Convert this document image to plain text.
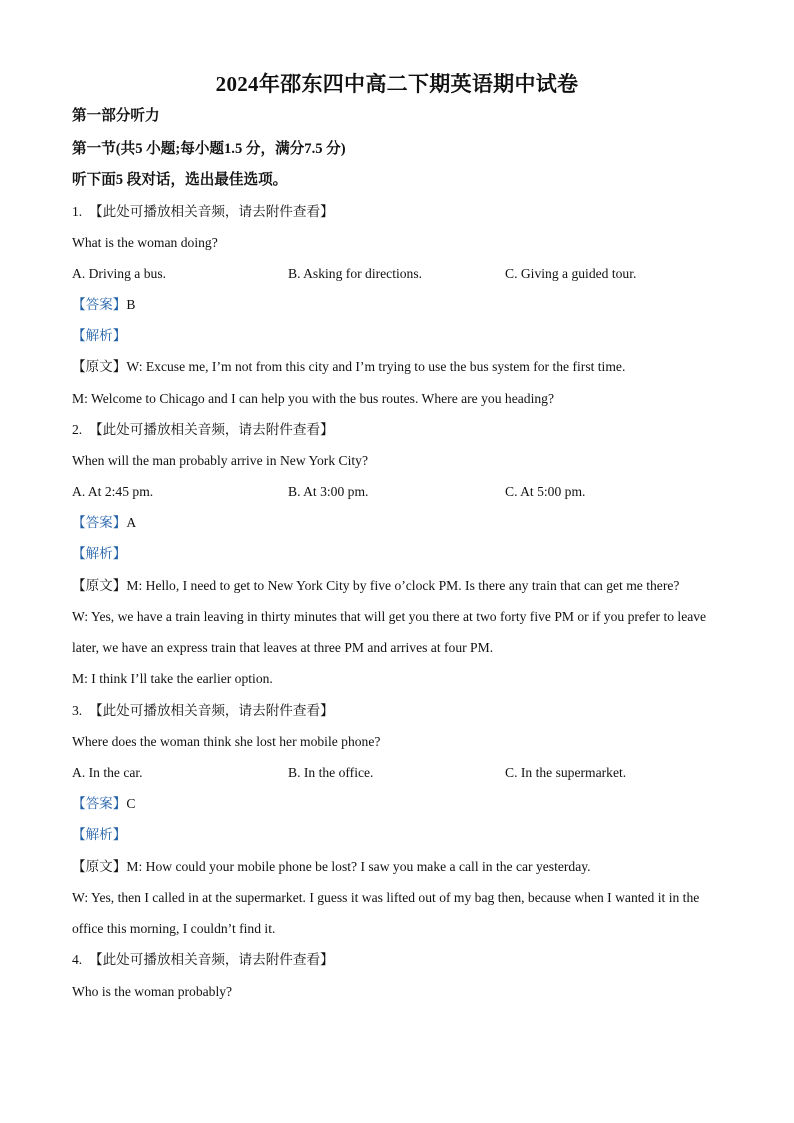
2024年邵东四中高二下期英语期中试卷
第一部分听力
第一节(共5 小题;每小题1.5 分，满分7.5 分)
听下面5 段对话，选出最佳选项。
1. 【此处可播放相关音频，请去附件查看】
What is the woman doing?
A. Driving a bus.	B. Asking for directions.	C. Giving a guided tour.
【答案】B
【解析】
【原文】W: Excuse me, I’m not from this city and I’m trying to use the bus system for the first time.
M: Welcome to Chicago and I can help you with the bus routes. Where are you heading?
2. 【此处可播放相关音频，请去附件查看】
When will the man probably arrive in New York City?
A. At 2:45 pm.	B. At 3:00 pm.	C. At 5:00 pm.
【答案】A
【解析】
【原文】M: Hello, I need to get to New York City by five o’clock PM. Is there any train that can get me there?
W: Yes, we have a train leaving in thirty minutes that will get you there at two forty five PM or if you prefer to leave
later, we have an express train that leaves at three PM and arrives at four PM.
M: I think I’ll take the earlier option.
3. 【此处可播放相关音频，请去附件查看】
Where does the woman think she lost her mobile phone?
A. In the car.	B. In the office.	C. In the supermarket.
【答案】C
【解析】
【原文】M: How could your mobile phone be lost? I saw you make a call in the car yesterday.
W: Yes, then I called in at the supermarket. I guess it was lifted out of my bag then, because when I wanted it in the
office this morning, I couldn’t find it.
4. 【此处可播放相关音频，请去附件查看】
Who is the woman probably?
